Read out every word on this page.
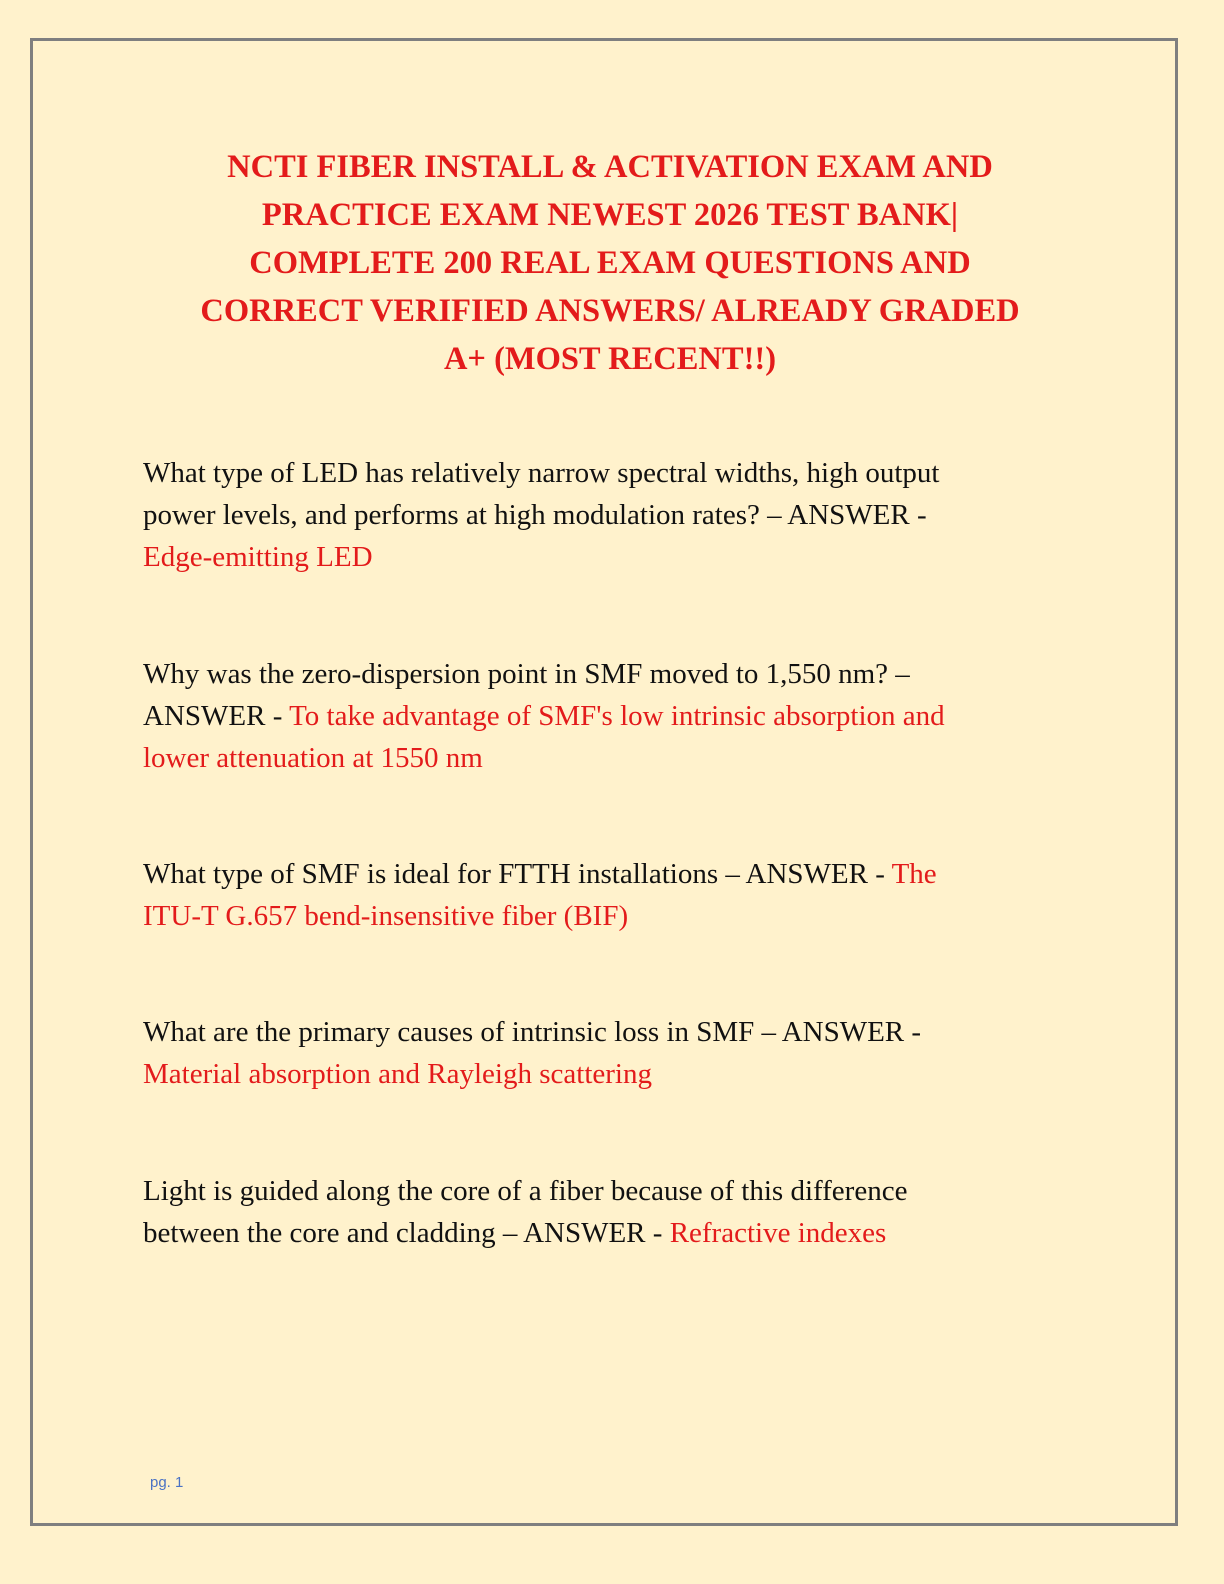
NCTI FIBER INSTALL & ACTIVATION EXAM AND
PRACTICE EXAM NEWEST 2026 TEST BANK|
COMPLETE 200 REAL EXAM QUESTIONS AND
CORRECT VERIFIED ANSWERS/ ALREADY GRADED
A+ (MOST RECENT!!)

What type of LED has relatively narrow spectral widths, high output
power levels, and performs at high modulation rates? – ANSWER -
Edge-emitting LED

Why was the zero-dispersion point in SMF moved to 1,550 nm? –
ANSWER - To take advantage of SMF's low intrinsic absorption and
lower attenuation at 1550 nm

What type of SMF is ideal for FTTH installations – ANSWER - The
ITU-T G.657 bend-insensitive fiber (BIF)

What are the primary causes of intrinsic loss in SMF – ANSWER -
Material absorption and Rayleigh scattering

Light is guided along the core of a fiber because of this difference
between the core and cladding – ANSWER - Refractive indexes

pg. 1
